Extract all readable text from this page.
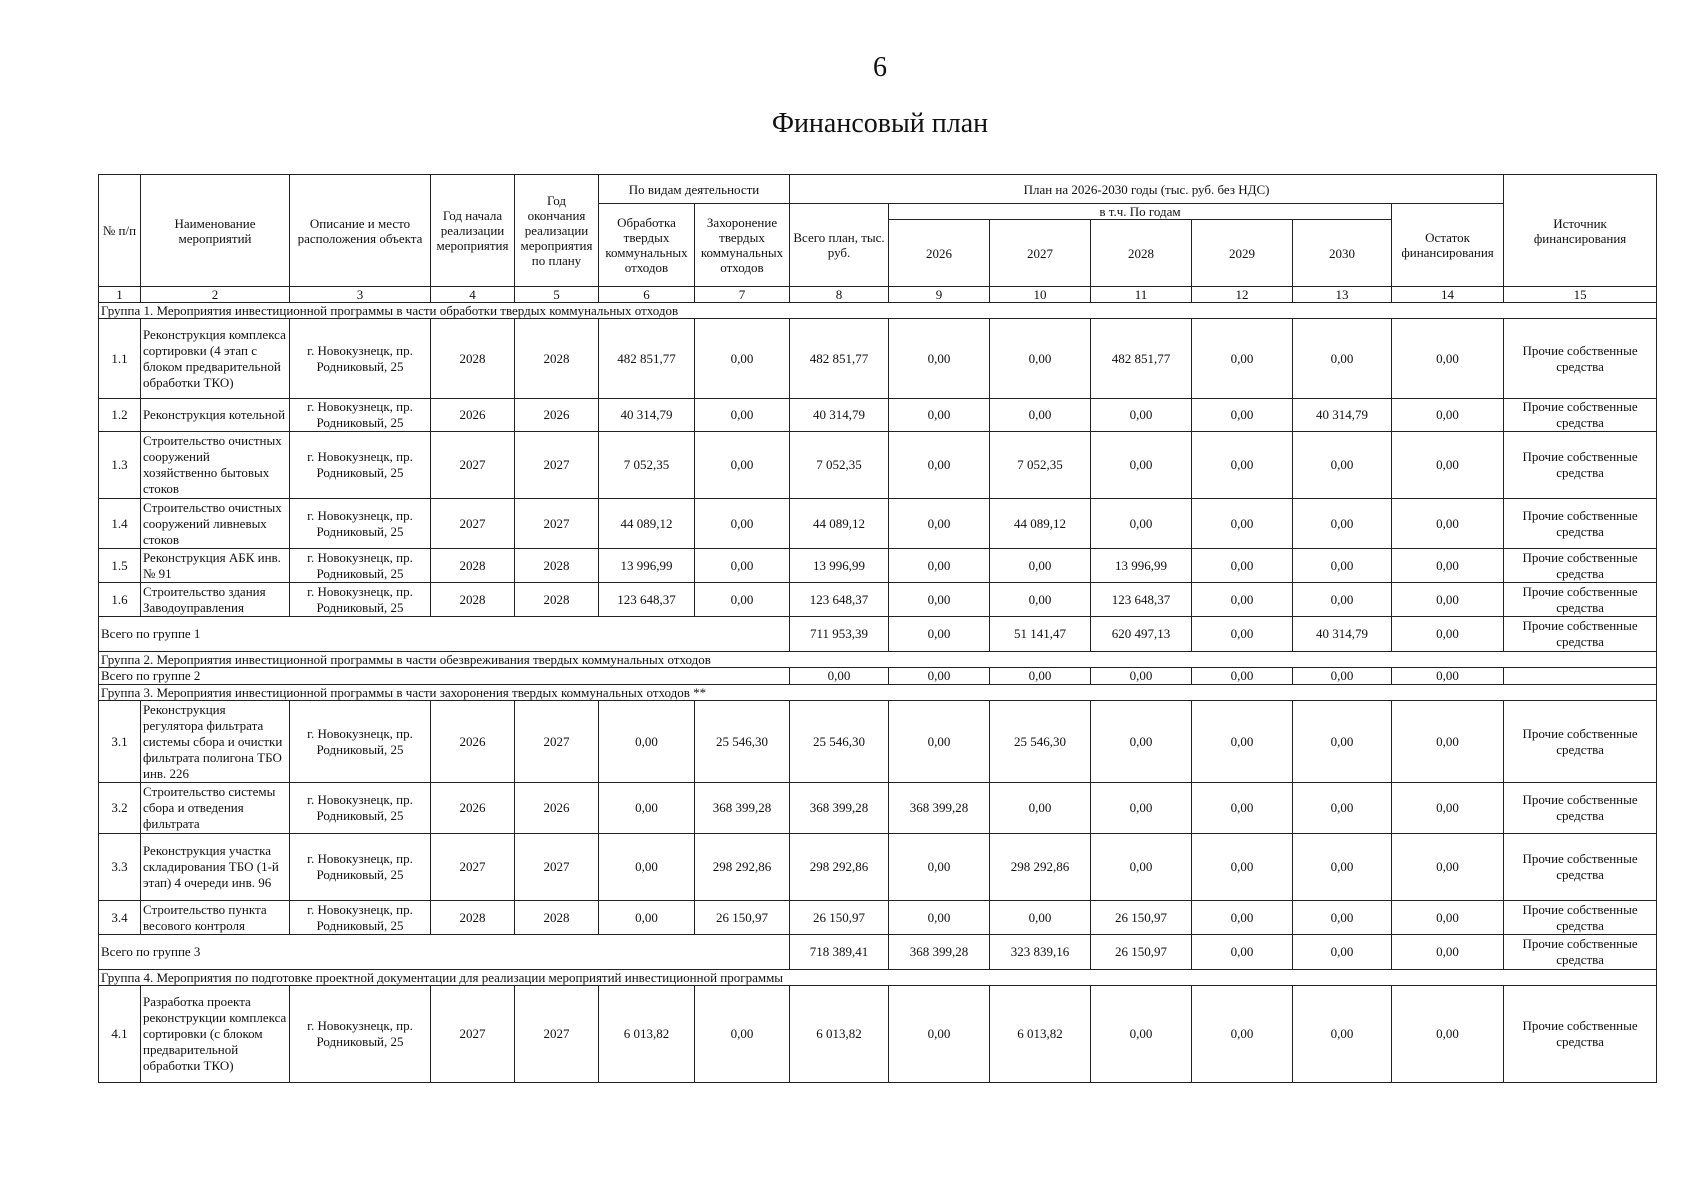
6
Финансовый план
№ п/п	Наименование мероприятий	Описание и место расположения объекта	Год начала реализации мероприятия	Год окончания реализации мероприятия по плану	По видам деятельности		План на 2026-2030 годы (тыс. руб. без НДС)							Источник финансирования
					Обработка твердых коммунальных отходов	Захоронение твердых коммунальных отходов	Всего план, тыс. руб.	в т.ч. По годам					Остаток финансирования	
								2026	2027	2028	2029	2030		
1	2	3	4	5	6	7	8	9	10	11	12	13	14	15
Группа 1. Мероприятия инвестиционной программы в части обработки твердых коммунальных отходов														
1.1	Реконструкция комплекса сортировки (4 этап с блоком предварительной обработки ТКО)	г. Новокузнецк, пр. Родниковый, 25	2028	2028	482 851,77	0,00	482 851,77	0,00	0,00	482 851,77	0,00	0,00	0,00	Прочие собственные средства
1.2	Реконструкция котельной	г. Новокузнецк, пр. Родниковый, 25	2026	2026	40 314,79	0,00	40 314,79	0,00	0,00	0,00	0,00	40 314,79	0,00	Прочие собственные средства
1.3	Строительство очистных сооружений хозяйственно бытовых стоков	г. Новокузнецк, пр. Родниковый, 25	2027	2027	7 052,35	0,00	7 052,35	0,00	7 052,35	0,00	0,00	0,00	0,00	Прочие собственные средства
1.4	Строительство очистных сооружений ливневых стоков	г. Новокузнецк, пр. Родниковый, 25	2027	2027	44 089,12	0,00	44 089,12	0,00	44 089,12	0,00	0,00	0,00	0,00	Прочие собственные средства
1.5	Реконструкция АБК инв. № 91	г. Новокузнецк, пр. Родниковый, 25	2028	2028	13 996,99	0,00	13 996,99	0,00	0,00	13 996,99	0,00	0,00	0,00	Прочие собственные средства
1.6	Строительство здания Заводоуправления	г. Новокузнецк, пр. Родниковый, 25	2028	2028	123 648,37	0,00	123 648,37	0,00	0,00	123 648,37	0,00	0,00	0,00	Прочие собственные средства
Всего по группе 1							711 953,39	0,00	51 141,47	620 497,13	0,00	40 314,79	0,00	Прочие собственные средства
Группа 2. Мероприятия инвестиционной программы в части обезвреживания твердых коммунальных отходов														
Всего по группе 2							0,00	0,00	0,00	0,00	0,00	0,00	0,00	
Группа 3. Мероприятия инвестиционной программы в части захоронения твердых коммунальных отходов **														
3.1	Реконструкция регулятора фильтрата системы сбора и очистки фильтрата полигона ТБО инв. 226	г. Новокузнецк, пр. Родниковый, 25	2026	2027	0,00	25 546,30	25 546,30	0,00	25 546,30	0,00	0,00	0,00	0,00	Прочие собственные средства
3.2	Строительство системы сбора и отведения фильтрата	г. Новокузнецк, пр. Родниковый, 25	2026	2026	0,00	368 399,28	368 399,28	368 399,28	0,00	0,00	0,00	0,00	0,00	Прочие собственные средства
3.3	Реконструкция участка складирования ТБО (1-й этап) 4 очереди инв. 96	г. Новокузнецк, пр. Родниковый, 25	2027	2027	0,00	298 292,86	298 292,86	0,00	298 292,86	0,00	0,00	0,00	0,00	Прочие собственные средства
3.4	Строительство пункта весового контроля	г. Новокузнецк, пр. Родниковый, 25	2028	2028	0,00	26 150,97	26 150,97	0,00	0,00	26 150,97	0,00	0,00	0,00	Прочие собственные средства
Всего по группе 3							718 389,41	368 399,28	323 839,16	26 150,97	0,00	0,00	0,00	Прочие собственные средства
Группа 4. Мероприятия по подготовке проектной документации для реализации мероприятий инвестиционной программы														
4.1	Разработка проекта реконструкции комплекса сортировки (с блоком предварительной обработки ТКО)	г. Новокузнецк, пр. Родниковый, 25	2027	2027	6 013,82	0,00	6 013,82	0,00	6 013,82	0,00	0,00	0,00	0,00	Прочие собственные средства
